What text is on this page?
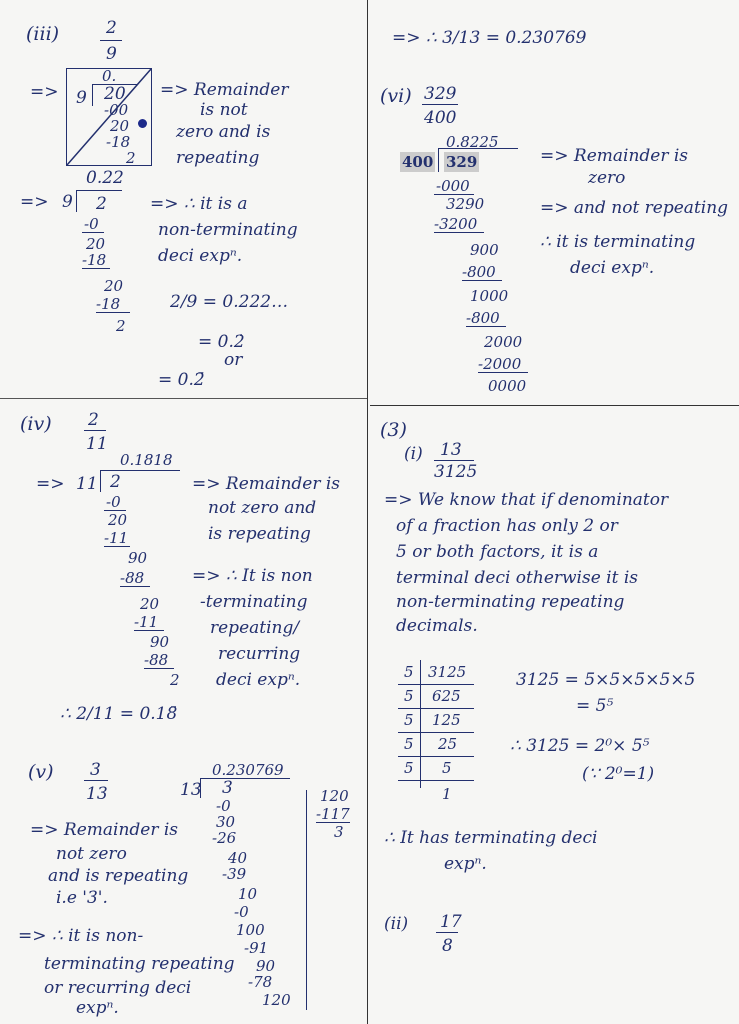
(iii)	2
9
=>
0.
9 20
-00
20
-18
2
0.22
=> Remainder
is not
zero and is
repeating
=> 9 2
-0
20
-18
20
-18
2
=> ∴ it is a
non-terminating
deci expⁿ.
2/9 = 0.222…
= 0.2̇
or
= 0.2̄
(iv) 2
11
0.1818
=> 11 2
-0
20
-11
90
-88
20
-11
90
-88
2
=> Remainder is
not zero and
is repeating
=> ∴ It is non
-terminating
repeating/
recurring
deci expⁿ.
∴ 2/11 = 0.18̄
(v) 3
13
0.230769
13 3
-0
30
-26
40
-39
10
-0
100
-91
90
-78
120
120
-117
3
=> Remainder is
not zero
and is repeating
i.e '3'.
=> ∴ it is non-
terminating repeating
or recurring deci
expⁿ.
=> ∴ 3/13 = 0.230769
(vi) 329
400
0.8225
400 329
-000
3290
-3200
900
-800
1000
-800
2000
-2000
0000
=> Remainder is
zero
=> and not repeating
∴ it is terminating
deci expⁿ.
(3)
(i) 13
3125
=> We know that if denominator
of a fraction has only 2 or
5 or both factors, it is a
terminal deci otherwise it is
non-terminating repeating
decimals.
5 3125
5 625
5 125
5 25
5 5
1
3125 = 5×5×5×5×5
= 5⁵
∴ 3125 = 2⁰× 5⁵
(∵ 2⁰=1)
∴ It has terminating deci
expⁿ.
(ii) 17
8
